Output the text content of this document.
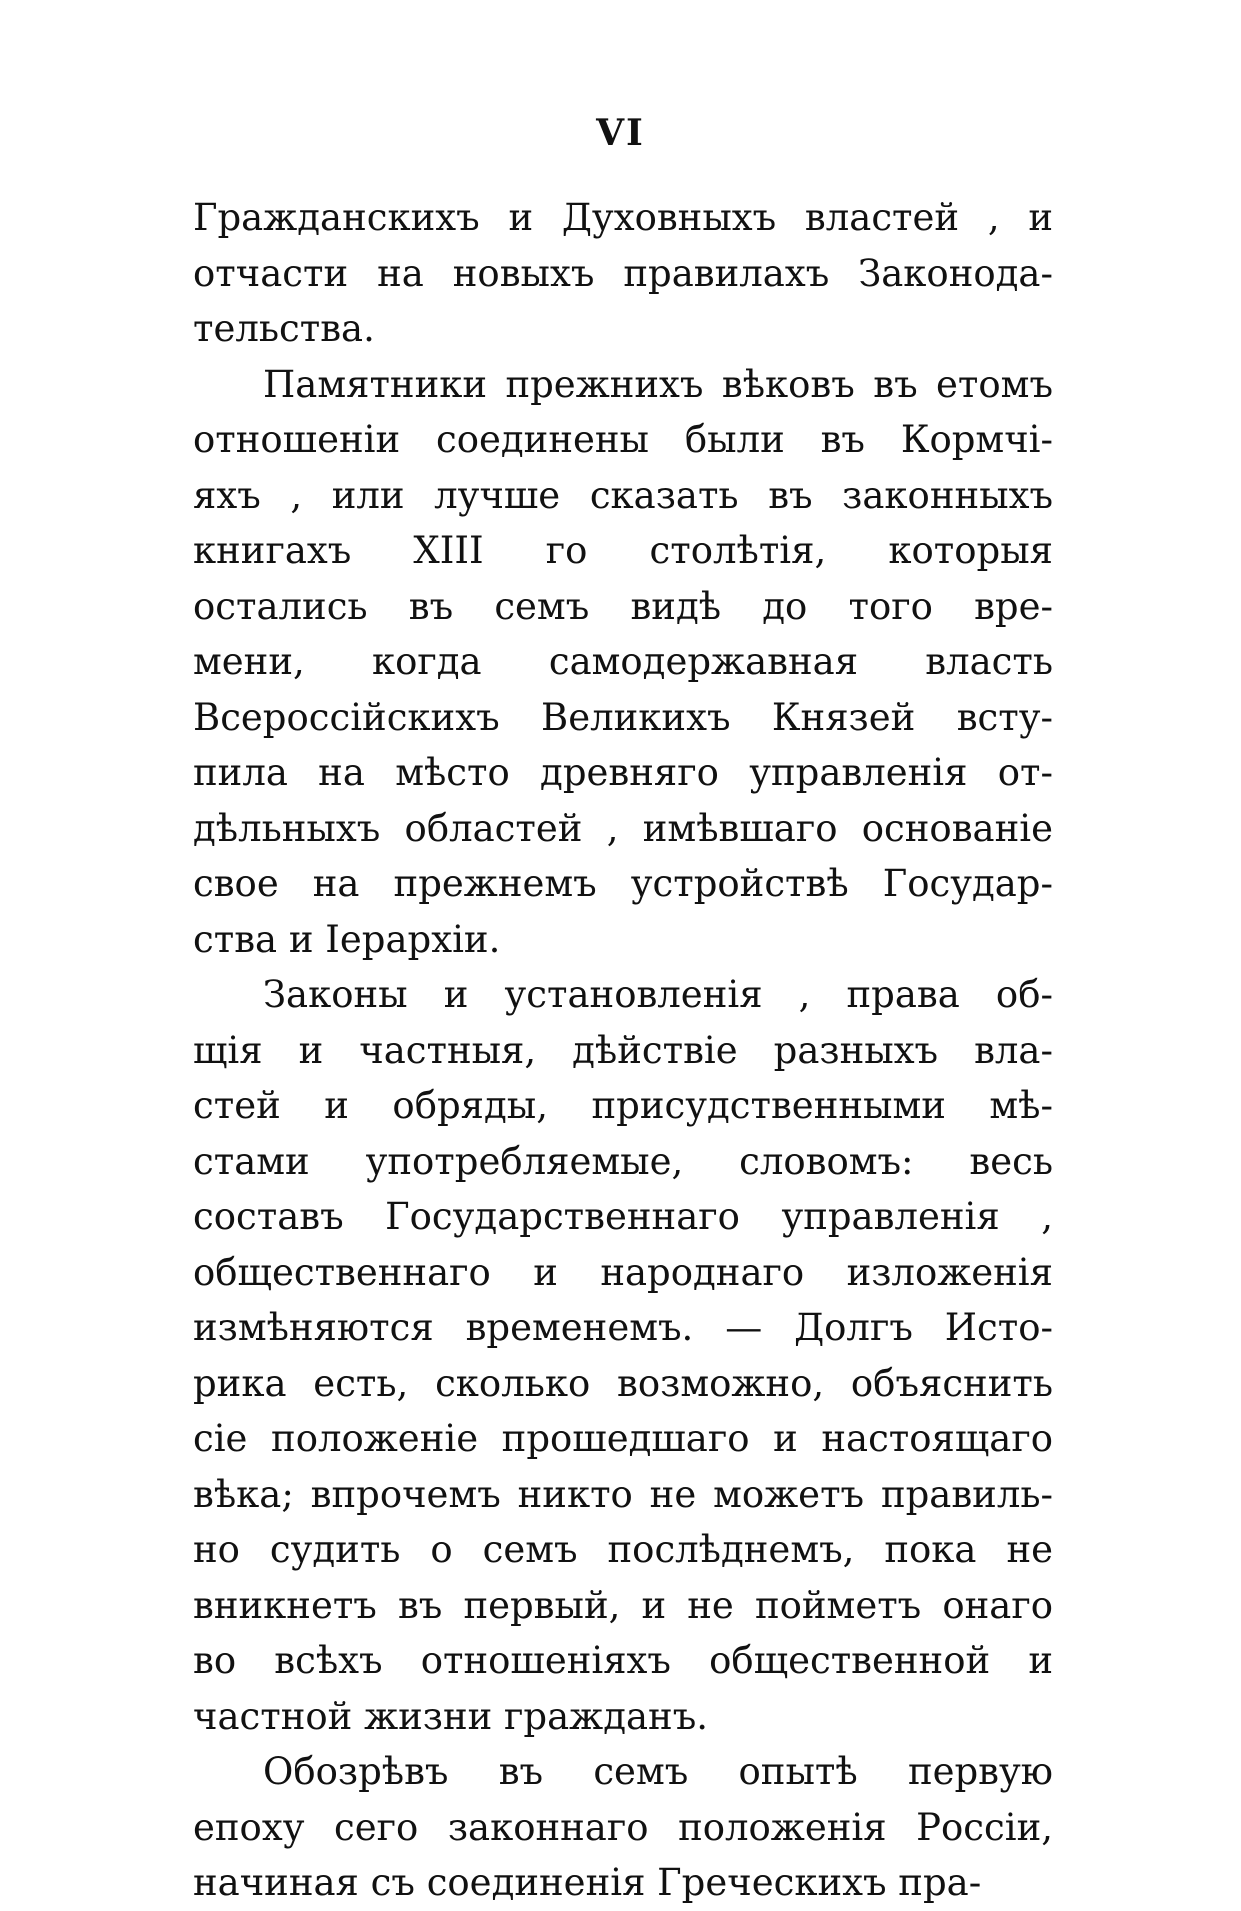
VI
Гражданскихъ и Духовныхъ властей , и
отчасти на новыхъ правилахъ Законода-
тельства.
Памятники прежнихъ вѣковъ въ етомъ
отношеніи соединены были въ Кормчі-
яхъ , или лучше сказать въ законныхъ
книгахъ XIII го столѣтія, которыя
остались въ семъ видѣ до того вре-
мени, когда самодержавная власть
Всероссійскихъ Великихъ Князей всту-
пила на мѣсто древняго управленія от-
дѣльныхъ областей , имѣвшаго основаніе
свое на прежнемъ устройствѣ Государ-
ства и Іерархіи.
Законы и установленія , права об-
щія и частныя, дѣйствіе разныхъ вла-
стей и обряды, присудственными мѣ-
стами употребляемые, словомъ: весь
составъ Государственнаго управленія ,
общественнаго и народнаго изложенія
измѣняются временемъ. — Долгъ Исто-
рика есть, сколько возможно, объяснить
сіе положеніе прошедшаго и настоящаго
вѣка; впрочемъ никто не можетъ правиль-
но судить о семъ послѣднемъ, пока не
вникнетъ въ первый, и не пойметъ онаго
во всѣхъ отношеніяхъ общественной и
частной жизни гражданъ.
Обозрѣвъ въ семъ опытѣ первую
епоху сего законнаго положенія Россіи,
начиная съ соединенія Греческихъ пра-
